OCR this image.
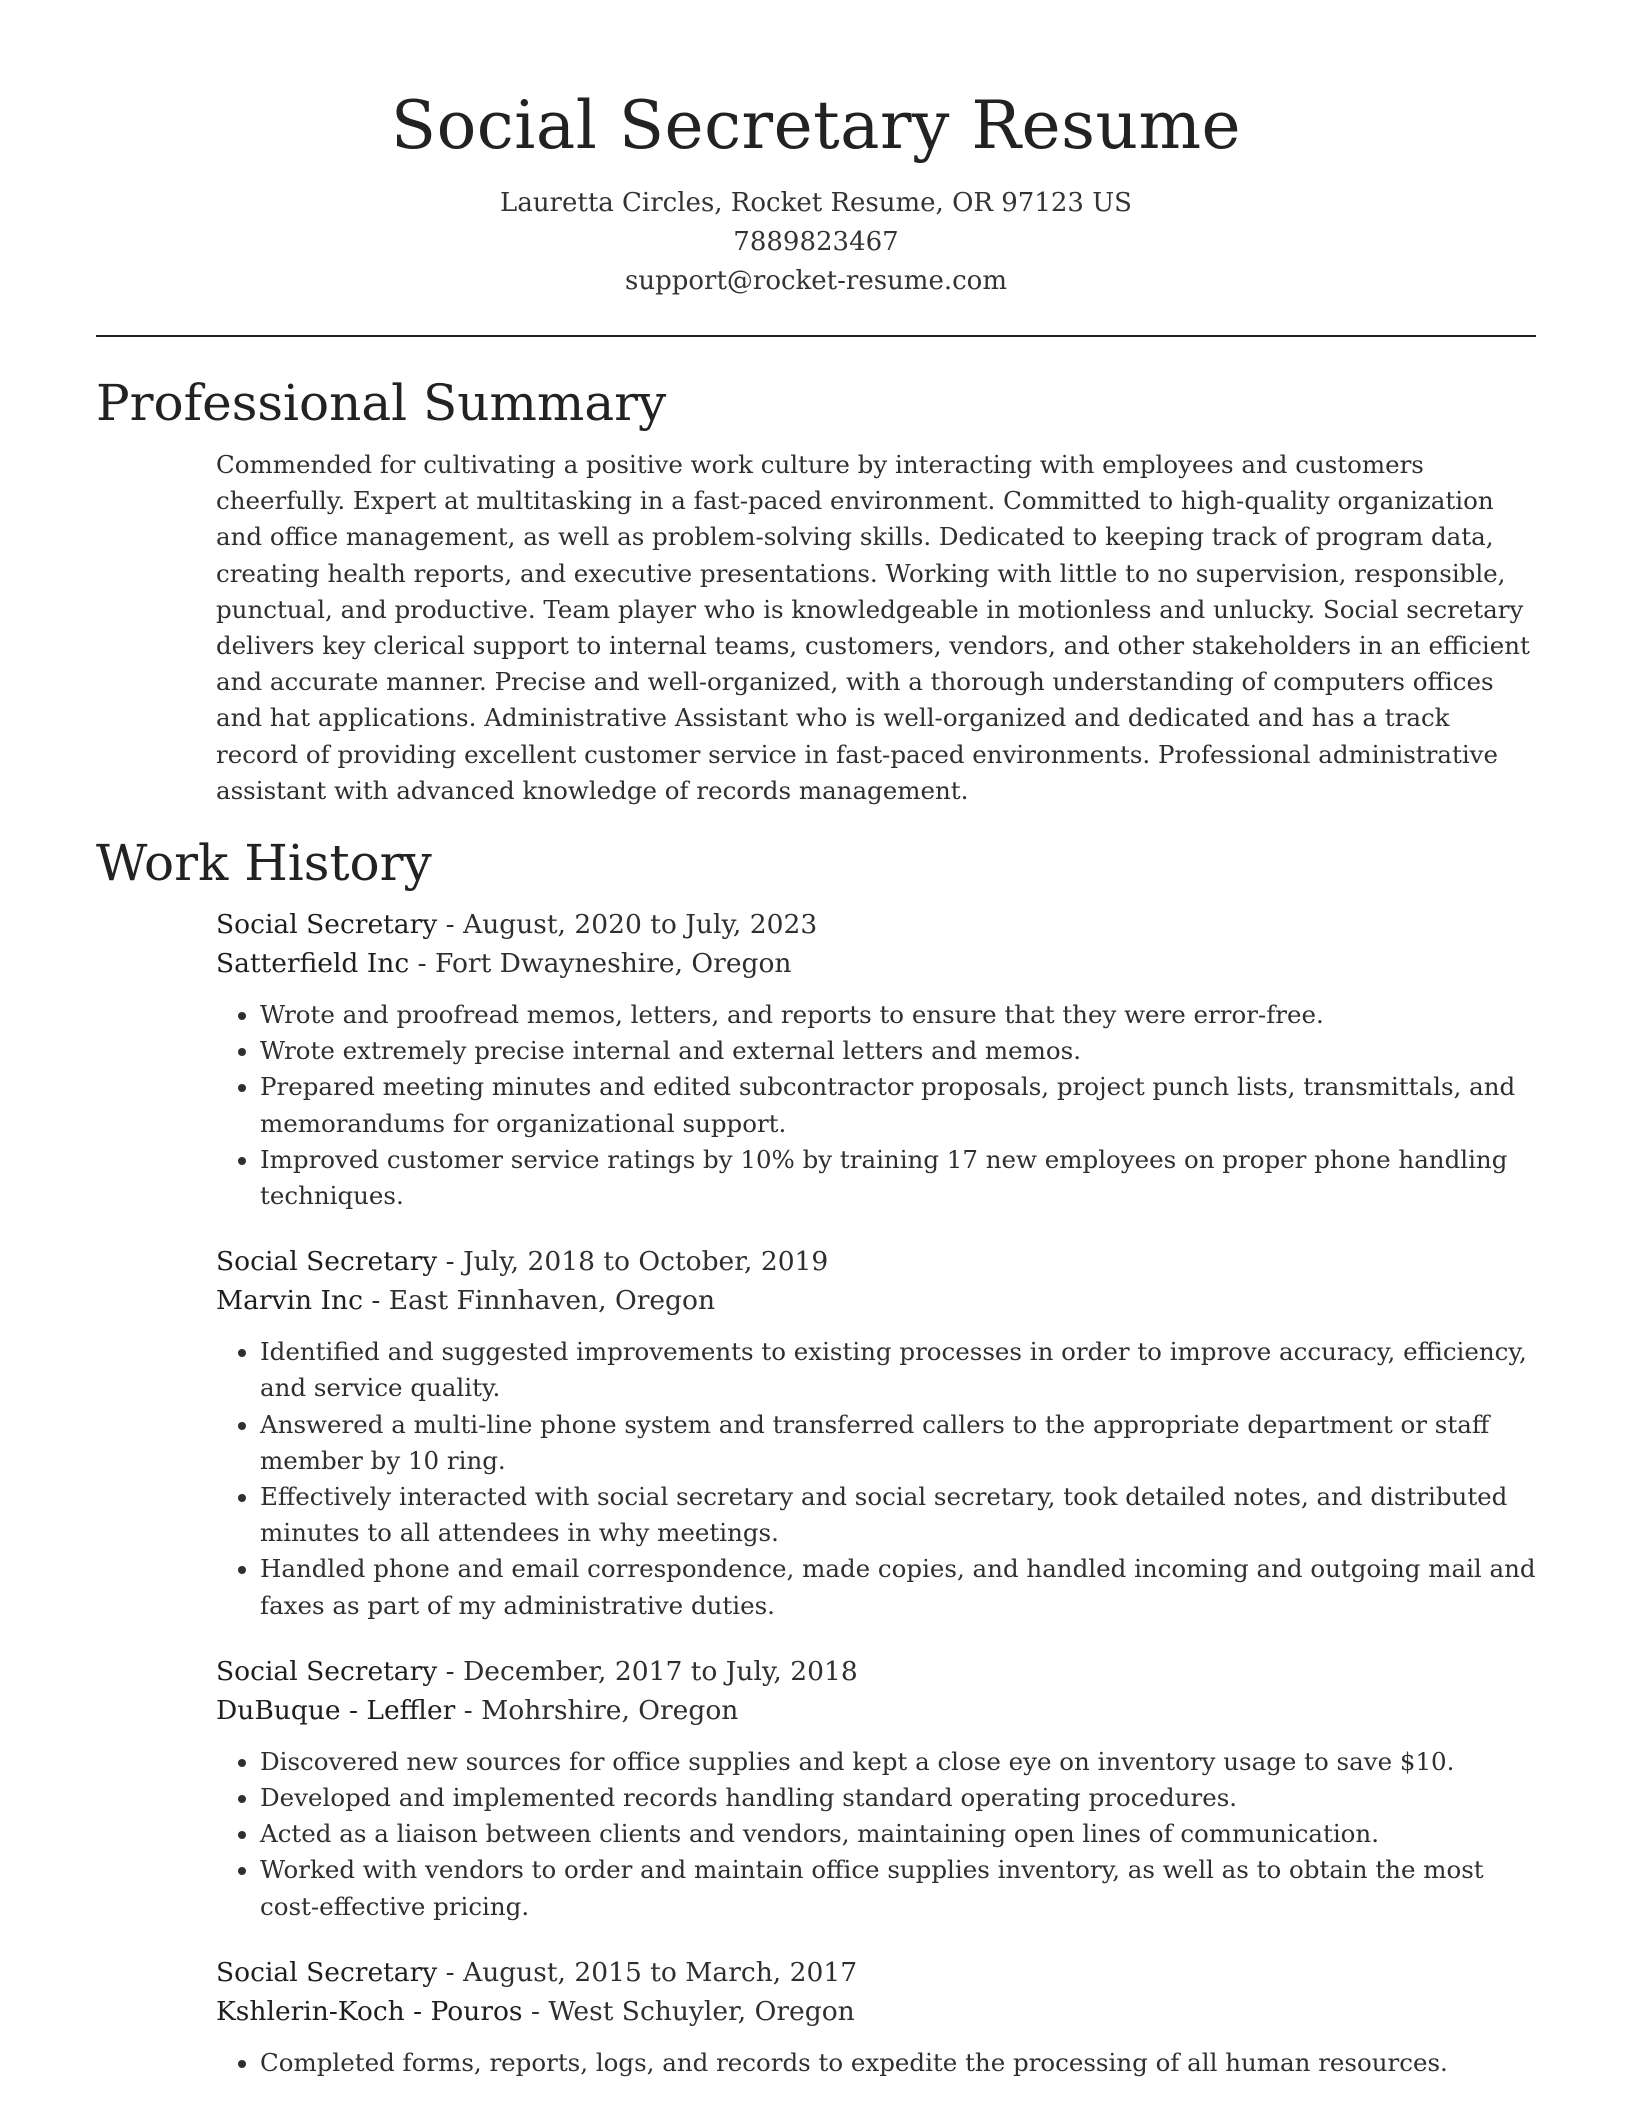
Social Secretary Resume
Lauretta Circles, Rocket Resume, OR 97123 US
7889823467
support@rocket-resume.com
Professional Summary

Commended for cultivating a positive work culture by interacting with employees and customers cheerfully. Expert at multitasking in a fast-paced environment. Committed to high-quality organization and office management, as well as problem-solving skills. Dedicated to keeping track of program data, creating health reports, and executive presentations. Working with little to no supervision, responsible, punctual, and productive. Team player who is knowledgeable in motionless and unlucky. Social secretary delivers key clerical support to internal teams, customers, vendors, and other stakeholders in an efficient and accurate manner. Precise and well-organized, with a thorough understanding of computers offices and hat applications. Administrative Assistant who is well-organized and dedicated and has a track record of providing excellent customer service in fast-paced environments. Professional administrative assistant with advanced knowledge of records management.

Work History
Social Secretary - August, 2020 to July, 2023
Satterfield Inc - Fort Dwayneshire, Oregon
• Wrote and proofread memos, letters, and reports to ensure that they were error-free.
• Wrote extremely precise internal and external letters and memos.
• Prepared meeting minutes and edited subcontractor proposals, project punch lists, transmittals, and memorandums for organizational support.
• Improved customer service ratings by 10% by training 17 new employees on proper phone handling techniques.
Social Secretary - July, 2018 to October, 2019
Marvin Inc - East Finnhaven, Oregon
• Identified and suggested improvements to existing processes in order to improve accuracy, efficiency, and service quality.
• Answered a multi-line phone system and transferred callers to the appropriate department or staff member by 10 ring.
• Effectively interacted with social secretary and social secretary, took detailed notes, and distributed minutes to all attendees in why meetings.
• Handled phone and email correspondence, made copies, and handled incoming and outgoing mail and faxes as part of my administrative duties.
Social Secretary - December, 2017 to July, 2018
DuBuque - Leffler - Mohrshire, Oregon
• Discovered new sources for office supplies and kept a close eye on inventory usage to save $10.
• Developed and implemented records handling standard operating procedures.
• Acted as a liaison between clients and vendors, maintaining open lines of communication.
• Worked with vendors to order and maintain office supplies inventory, as well as to obtain the most cost-effective pricing.
Social Secretary - August, 2015 to March, 2017
Kshlerin-Koch - Pouros - West Schuyler, Oregon
• Completed forms, reports, logs, and records to expedite the processing of all human resources.
